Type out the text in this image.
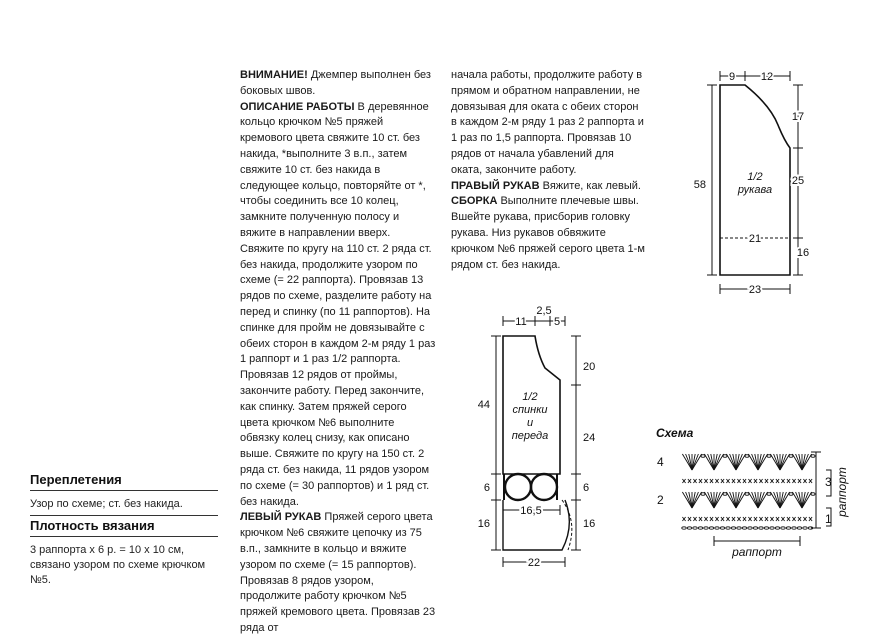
ВНИМАНИЕ! Джемпер выполнен без боковых швов.

ОПИСАНИЕ РАБОТЫ В деревянное кольцо крючком №5 пряжей кремового цвета свяжите 10 ст. без накида, *выполните 3 в.п., затем свяжите 10 ст. без накида в следующее кольцо, повторяйте от *, чтобы соединить все 10 колец, замкните полученную полосу и вяжите в направлении вверх. Свяжите по кругу на 110 ст. 2 ряда ст. без накида, продолжите узором по схеме (= 22 раппорта). Провязав 13 рядов по схеме, разделите работу на перед и спинку (по 11 раппортов). На спинке для пройм не довязывайте с обеих сторон в каждом 2-м ряду 1 раз 1 раппорт и 1 раз 1/2 раппорта. Провязав 12 рядов от проймы, закончите работу. Перед закончите, как спинку. Затем пряжей серого цвета крючком №6 выполните обвязку колец снизу, как описано выше. Свяжите по кругу на 150 ст. 2 ряда ст. без накида, 11 рядов узором по схеме (= 30 раппортов) и 1 ряд ст. без накида.

ЛЕВЫЙ РУКАВ Пряжей серого цвета крючком №6 свяжите цепочку из 75 в.п., замкните в кольцо и вяжите узором по схеме (= 15 раппортов). Провязав 8 рядов узором, продолжите работу крючком №5 пряжей кремового цвета. Провязав 23 ряда от

начала работы, продолжите работу в прямом и обратном направлении, не довязывая для оката с обеих сторон в каждом 2-м ряду 1 раз 2 раппорта и 1 раз по 1,5 раппорта. Провязав 10 рядов от начала убавлений для оката, закончите работу.

ПРАВЫЙ РУКАВ Вяжите, как левый.

СБОРКА Выполните плечевые швы. Вшейте рукава, присборив головку рукава. Низ рукавов обвяжите крючком №6 пряжей серого цвета 1-м рядом ст. без накида.

Переплетения

Узор по схеме; ст. без накида.

Плотность вязания

3 раппорта x 6 р. = 10 x 10 см, связано узором по схеме крючком №5.

9 12
58
17
25
16
21
23
1/2
рукава
2,5
11 5
44
6
16
20
24
6
16
16,5
22
1/2
спинки
и
переда	Схема
4
2
3
1
раппорт
раппорт
